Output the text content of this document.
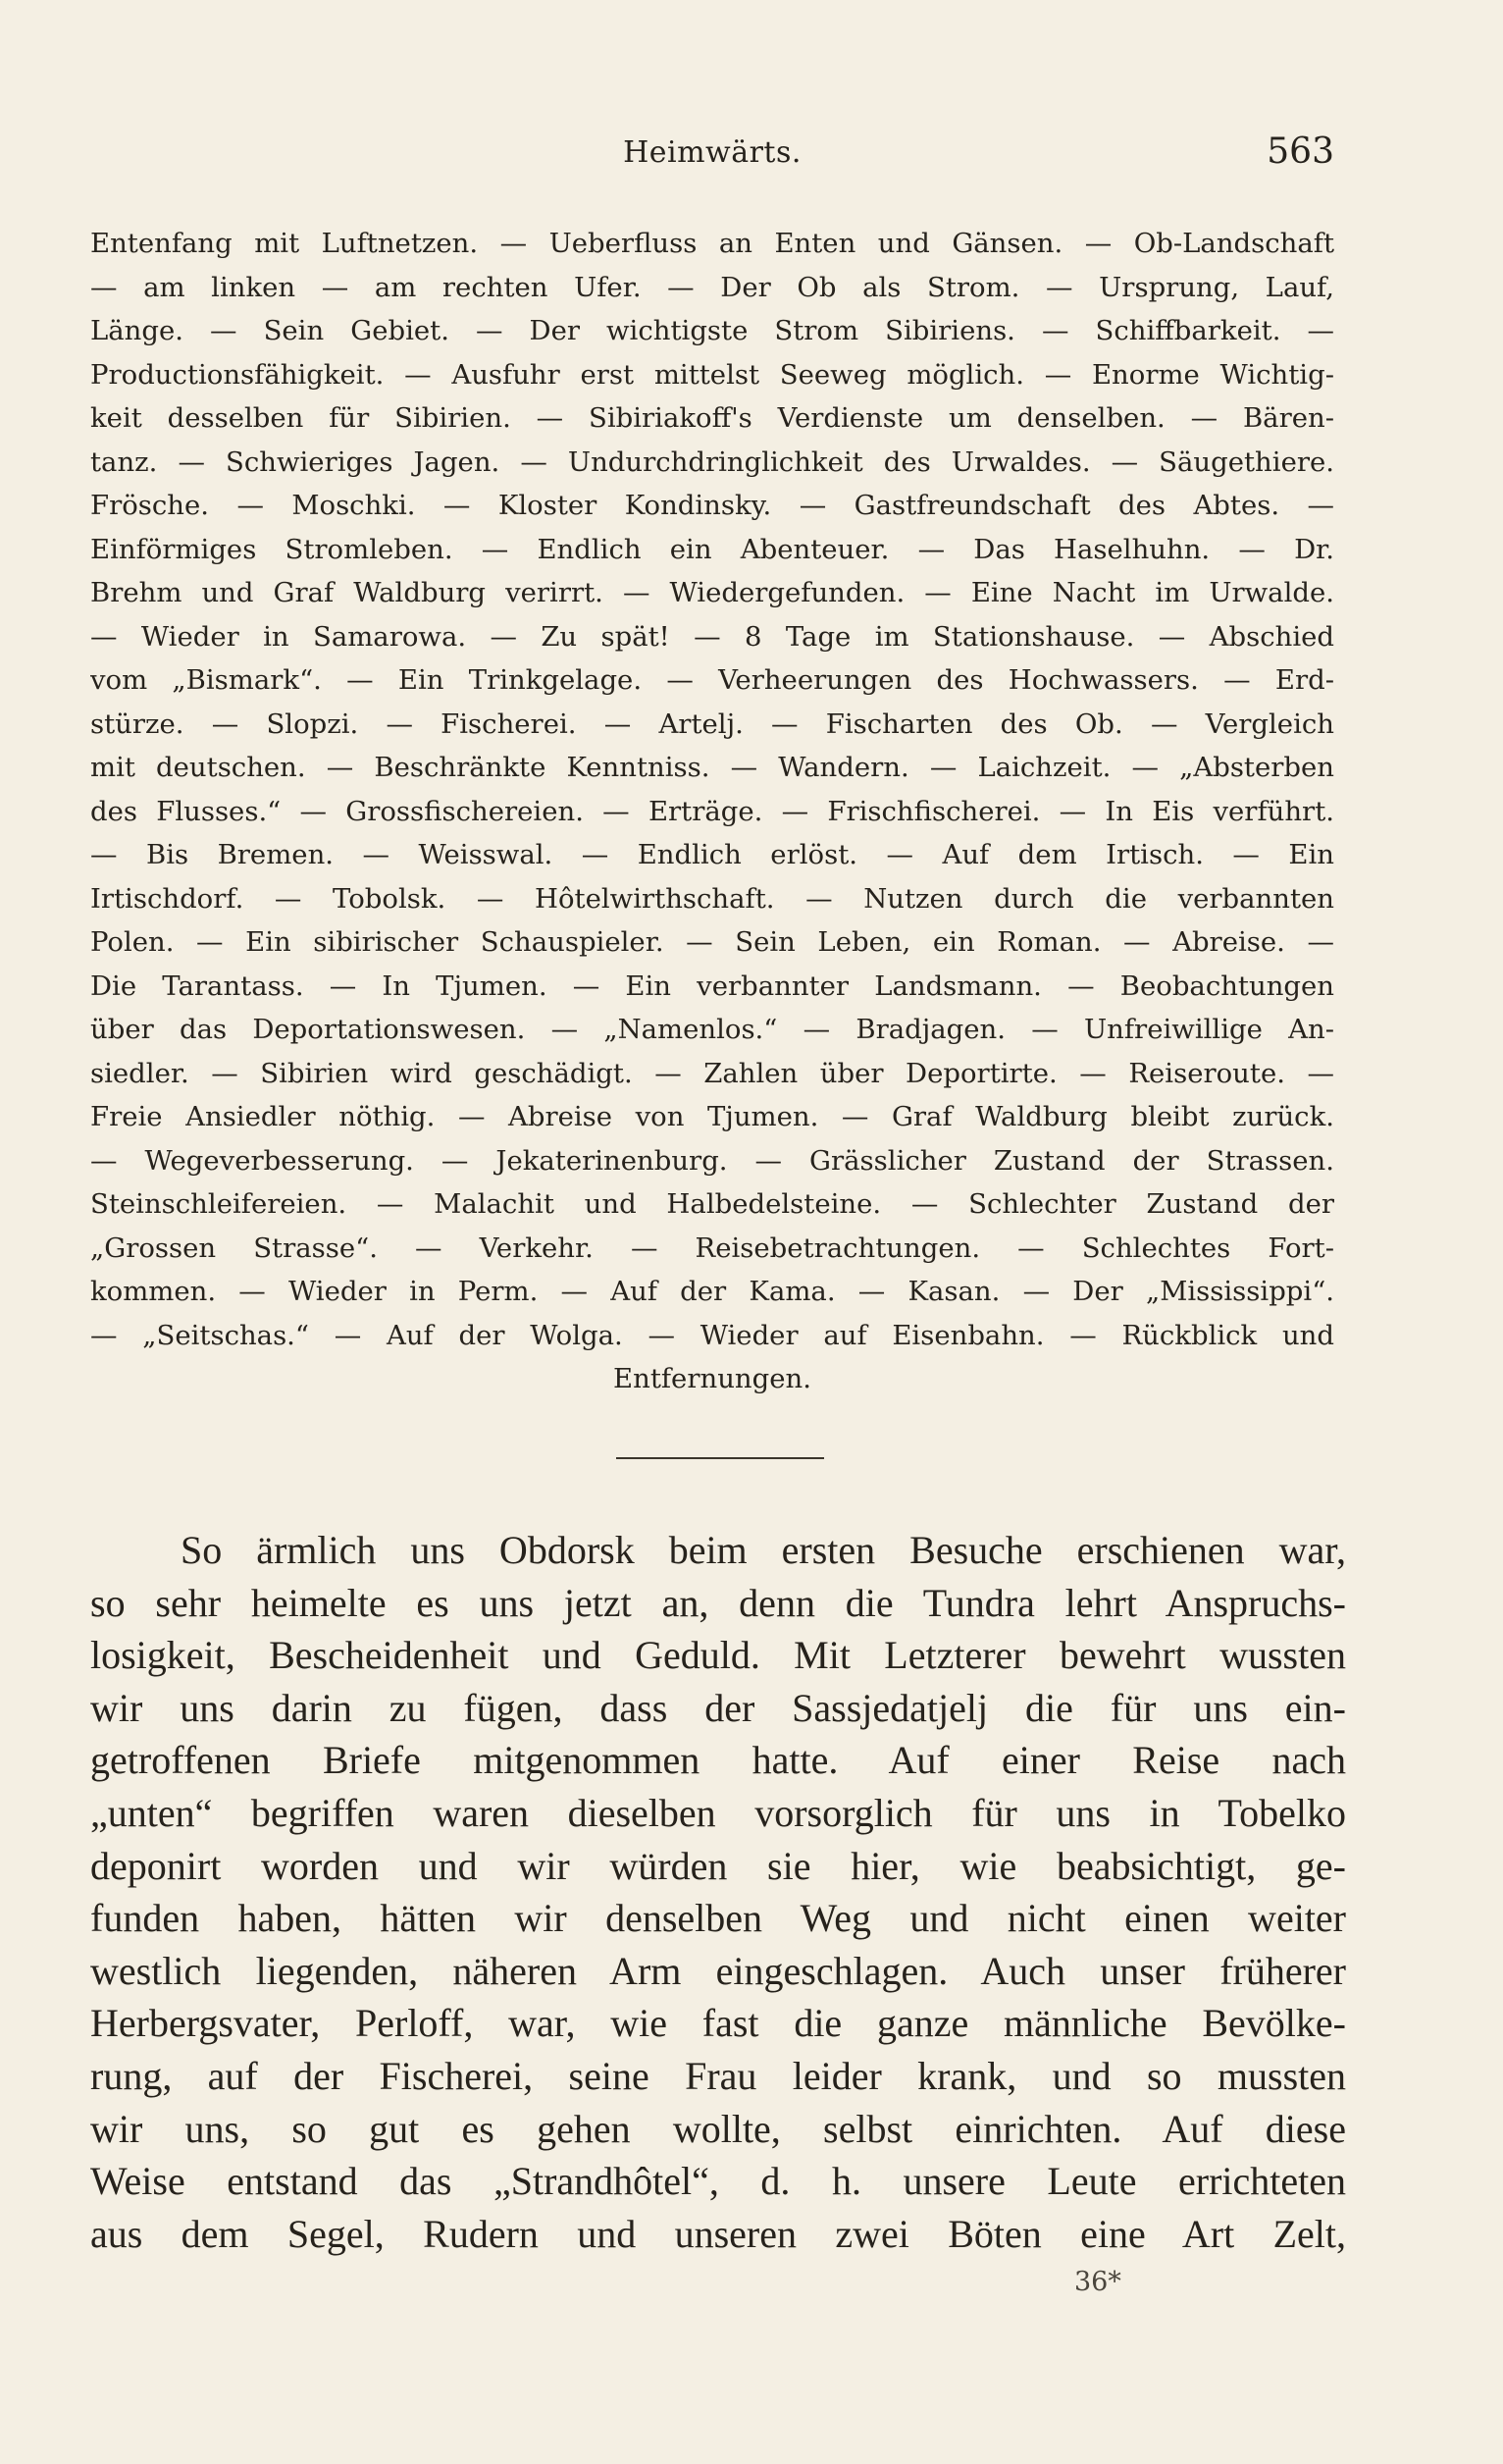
Heimwärts.	563
Entenfang mit Luftnetzen. — Ueberfluss an Enten und Gänsen. — Ob-Landschaft
— am linken — am rechten Ufer. — Der Ob als Strom. — Ursprung, Lauf,
Länge. — Sein Gebiet. — Der wichtigste Strom Sibiriens. — Schiffbarkeit. —
Productionsfähigkeit. — Ausfuhr erst mittelst Seeweg möglich. — Enorme Wichtig-
keit desselben für Sibirien. — Sibiriakoff's Verdienste um denselben. — Bären-
tanz. — Schwieriges Jagen. — Undurchdringlichkeit des Urwaldes. — Säugethiere.
Frösche. — Moschki. — Kloster Kondinsky. — Gastfreundschaft des Abtes. —
Einförmiges Stromleben. — Endlich ein Abenteuer. — Das Haselhuhn. — Dr.
Brehm und Graf Waldburg verirrt. — Wiedergefunden. — Eine Nacht im Urwalde.
— Wieder in Samarowa. — Zu spät! — 8 Tage im Stationshause. — Abschied
vom „Bismark“. — Ein Trinkgelage. — Verheerungen des Hochwassers. — Erd-
stürze. — Slopzi. — Fischerei. — Artelj. — Fischarten des Ob. — Vergleich
mit deutschen. — Beschränkte Kenntniss. — Wandern. — Laichzeit. — „Absterben
des Flusses.“ — Grossfischereien. — Erträge. — Frischfischerei. — In Eis verführt.
— Bis Bremen. — Weisswal. — Endlich erlöst. — Auf dem Irtisch. — Ein
Irtischdorf. — Tobolsk. — Hôtelwirthschaft. — Nutzen durch die verbannten
Polen. — Ein sibirischer Schauspieler. — Sein Leben, ein Roman. — Abreise. —
Die Tarantass. — In Tjumen. — Ein verbannter Landsmann. — Beobachtungen
über das Deportationswesen. — „Namenlos.“ — Bradjagen. — Unfreiwillige An-
siedler. — Sibirien wird geschädigt. — Zahlen über Deportirte. — Reiseroute. —
Freie Ansiedler nöthig. — Abreise von Tjumen. — Graf Waldburg bleibt zurück.
— Wegeverbesserung. — Jekaterinenburg. — Grässlicher Zustand der Strassen.
Steinschleifereien. — Malachit und Halbedelsteine. — Schlechter Zustand der
„Grossen Strasse“. — Verkehr. — Reisebetrachtungen. — Schlechtes Fort-
kommen. — Wieder in Perm. — Auf der Kama. — Kasan. — Der „Mississippi“.
— „Seitschas.“ — Auf der Wolga. — Wieder auf Eisenbahn. — Rückblick und
Entfernungen.
So ärmlich uns Obdorsk beim ersten Besuche erschienen war,
so sehr heimelte es uns jetzt an, denn die Tundra lehrt Anspruchs-
losigkeit, Bescheidenheit und Geduld. Mit Letzterer bewehrt wussten
wir uns darin zu fügen, dass der Sassjedatjelj die für uns ein-
getroffenen Briefe mitgenommen hatte. Auf einer Reise nach
„unten“ begriffen waren dieselben vorsorglich für uns in Tobelko
deponirt worden und wir würden sie hier, wie beabsichtigt, ge-
funden haben, hätten wir denselben Weg und nicht einen weiter
westlich liegenden, näheren Arm eingeschlagen. Auch unser früherer
Herbergsvater, Perloff, war, wie fast die ganze männliche Bevölke-
rung, auf der Fischerei, seine Frau leider krank, und so mussten
wir uns, so gut es gehen wollte, selbst einrichten. Auf diese
Weise entstand das „Strandhôtel“, d. h. unsere Leute errichteten
aus dem Segel, Rudern und unseren zwei Böten eine Art Zelt,
36*
